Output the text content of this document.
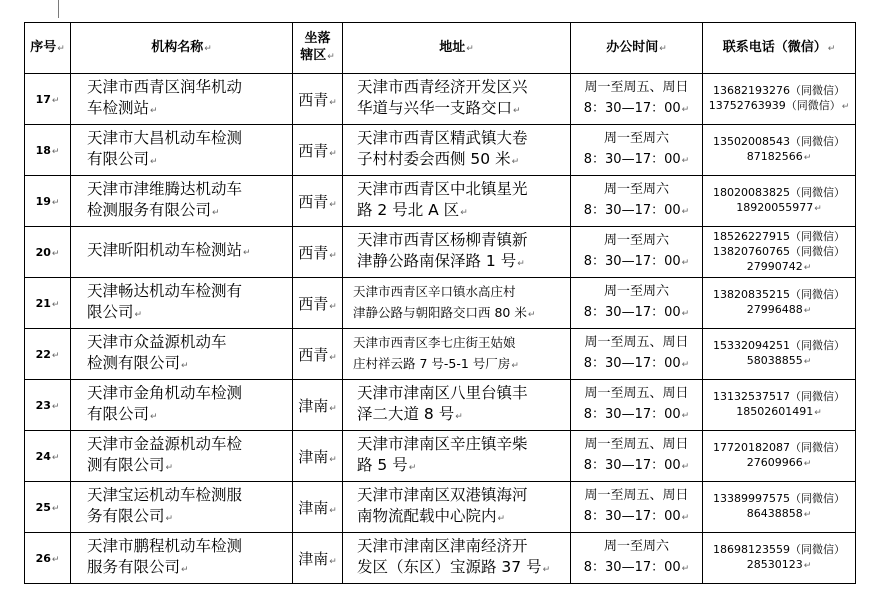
序号↵	机构名称↵	坐落
辖区↵	地址↵	办公时间↵	联系电话（微信）↵
17↵	天津市西青区润华机动
车检测站↵	西青↵	天津市西青经济开发区兴
华道与兴华一支路交口↵	周一至周五、周日
8：30—17：00↵	13682193276（同微信）
13752763939（同微信）↵

18↵	天津市大昌机动车检测
有限公司↵	西青↵	天津市西青区精武镇大卷
子村村委会西侧 50 米↵	周一至周六
8：30—17：00↵	13502008543（同微信）
87182566↵

19↵	天津市津维腾达机动车
检测服务有限公司↵	西青↵	天津市西青区中北镇星光
路 2 号北 A 区↵	周一至周六
8：30—17：00↵	18020083825（同微信）
18920055977↵

20↵	天津昕阳机动车检测站↵	西青↵	天津市西青区杨柳青镇新
津静公路南保泽路 1 号↵	周一至周六
8：30—17：00↵	18526227915（同微信）
13820760765（同微信）
27990742↵

21↵	天津畅达机动车检测有
限公司↵	西青↵	天津市西青区辛口镇水高庄村
津静公路与朝阳路交口西 80 米↵	周一至周六
8：30—17：00↵	13820835215（同微信）
27996488↵

22↵	天津市众益源机动车
检测有限公司↵	西青↵	天津市西青区李七庄街王姑娘
庄村祥云路 7 号-5-1 号厂房↵	周一至周五、周日
8：30—17：00↵	15332094251（同微信）
58038855↵

23↵	天津市金角机动车检测
有限公司↵	津南↵	天津市津南区八里台镇丰
泽二大道 8 号↵	周一至周五、周日
8：30—17：00↵	13132537517（同微信）
18502601491↵

24↵	天津市金益源机动车检
测有限公司↵	津南↵	天津市津南区辛庄镇辛柴
路 5 号↵	周一至周五、周日
8：30—17：00↵	17720182087（同微信）
27609966↵

25↵	天津宝运机动车检测服
务有限公司↵	津南↵	天津市津南区双港镇海河
南物流配载中心院内↵	周一至周五、周日
8：30—17：00↵	13389997575（同微信）
86438858↵

26↵	天津市鹏程机动车检测
服务有限公司↵	津南↵	天津市津南区津南经济开
发区（东区）宝源路 37 号↵	周一至周六
8：30—17：00↵	18698123559（同微信）
28530123↵
